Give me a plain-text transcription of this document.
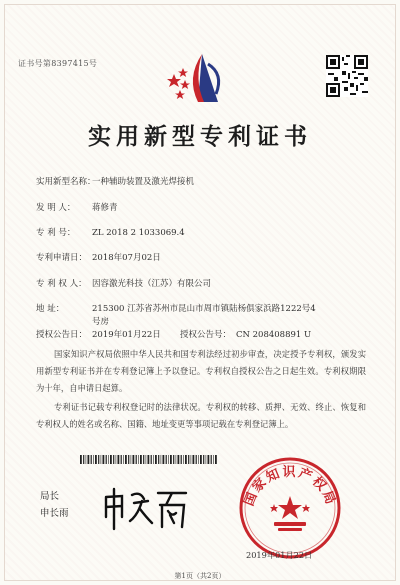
证书号第8397415号
实用新型专利证书
实用新型名称：
一种辅助装置及激光焊接机
发 明 人： 蒋修青
专 利 号： ZL 2018 2 1033069.4
专利申请日： 2018年07月02日
专 利 权 人： 因容激光科技（江苏）有限公司
地 址：	215300 江苏省苏州市昆山市周市镇陆杨俱家浜路1222号4
号房
授权公告日： 2019年01月22日 授权公告号： CN 208408891 U
国家知识产权局依照中华人民共和国专利法经过初步审查，决定授予专利权，颁发实用新型专利证书并在专利登记簿上予以登记。专利权自授权公告之日起生效。专利权期限为十年，自申请日起算。
专利证书记载专利权登记时的法律状况。专利权的转移、质押、无效、终止、恢复和专利权人的姓名或名称、国籍、地址变更等事项记载在专利登记簿上。
局长
申长雨
国家知识产权局
2019年01月22日
第1页（共2页）
